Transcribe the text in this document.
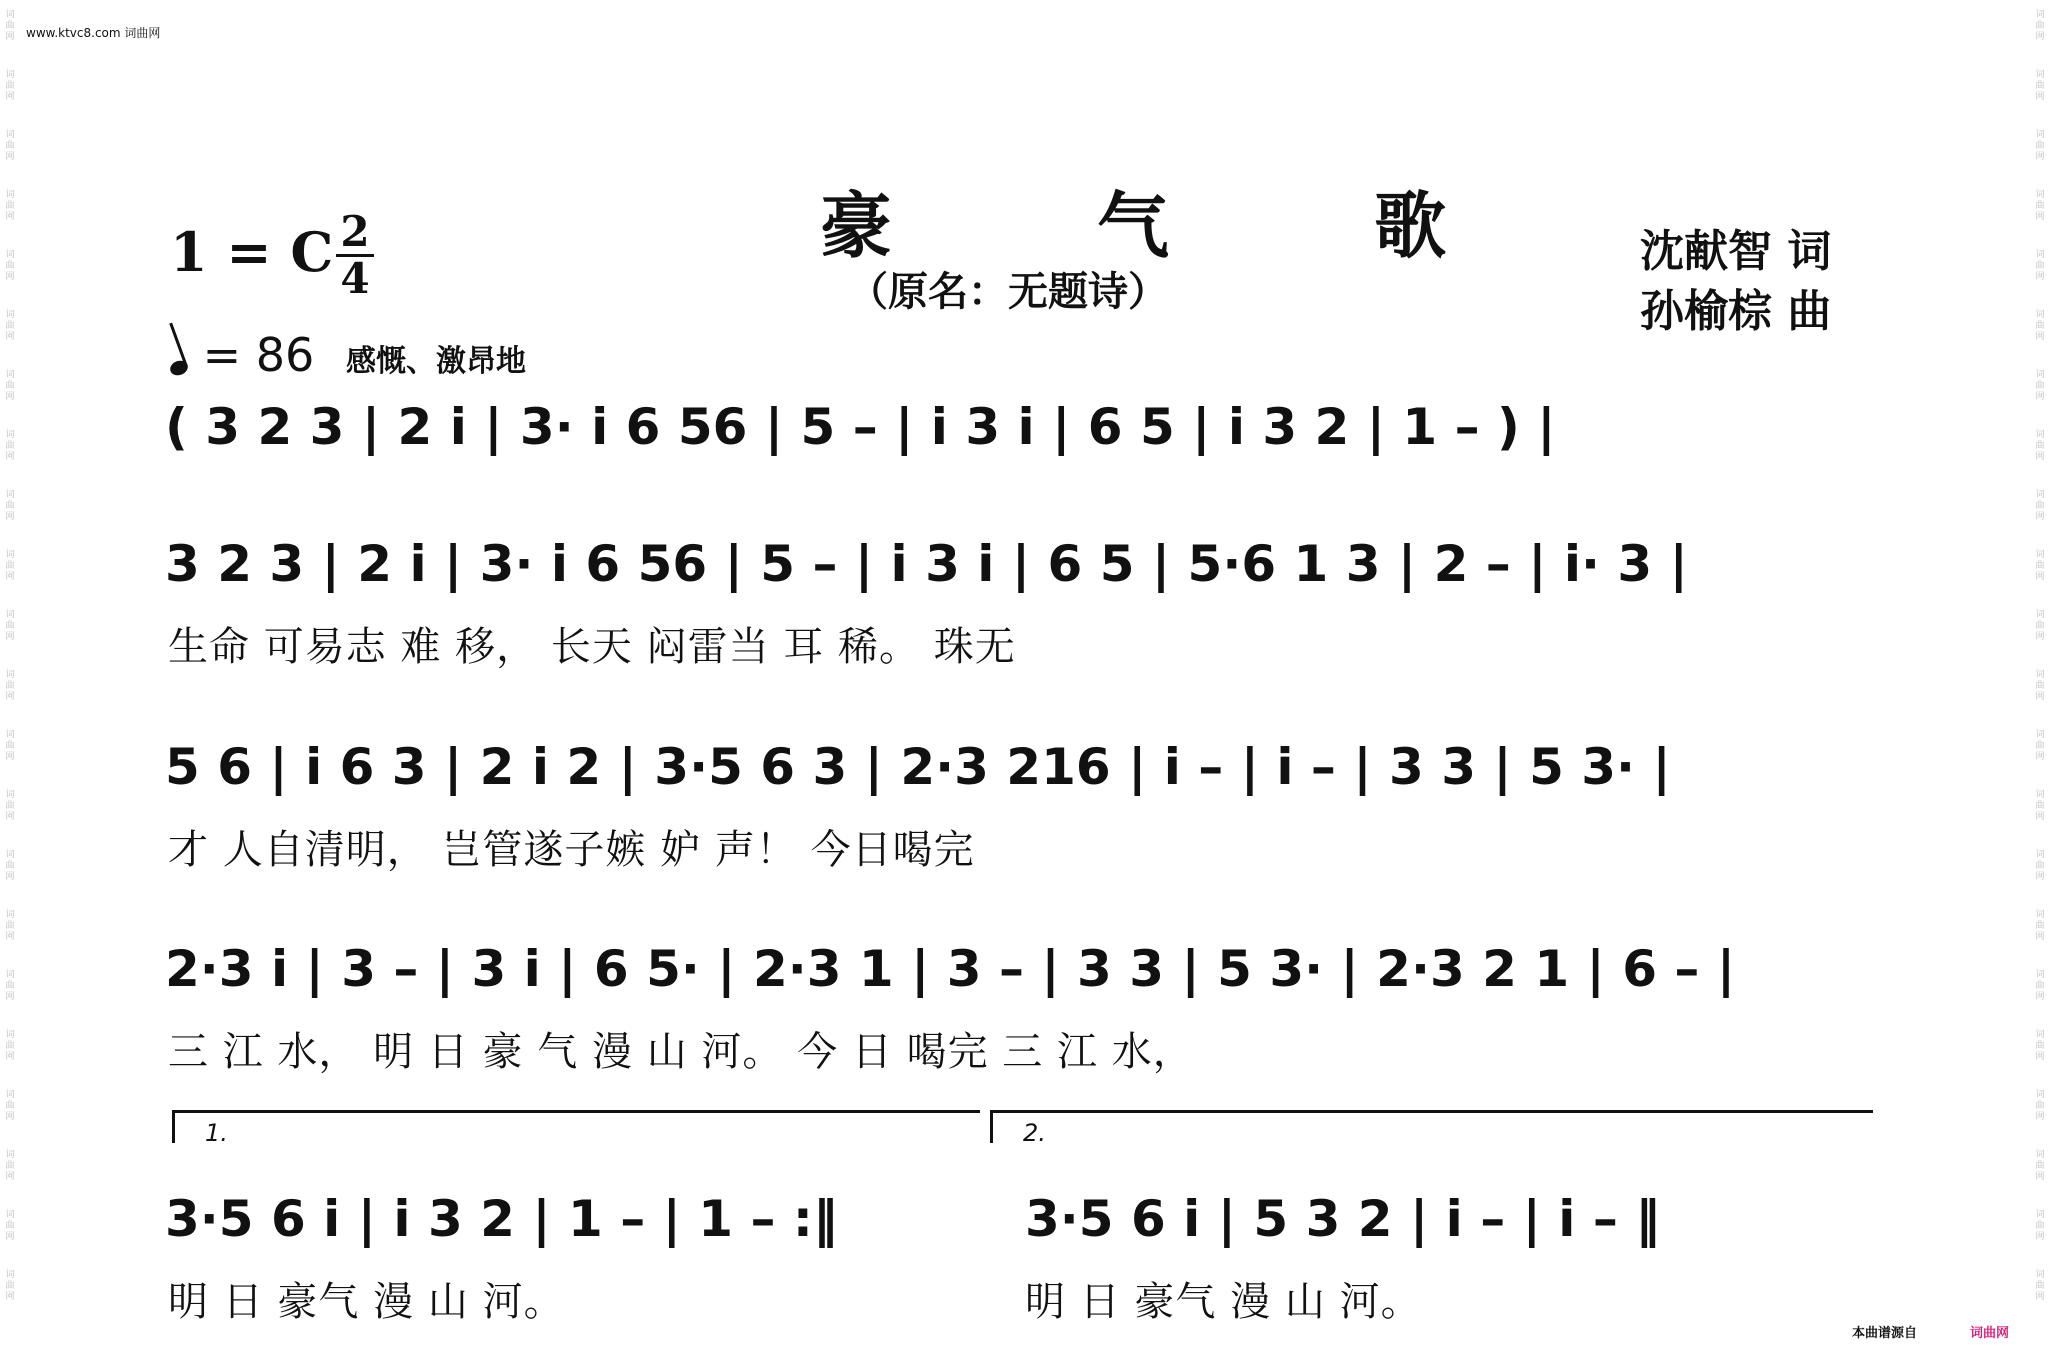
www.ktvc8.com 词曲网
词曲网
词曲网
词曲网
词曲网
词曲网
词曲网
词曲网
词曲网
词曲网
词曲网
词曲网
词曲网
词曲网
词曲网
词曲网
词曲网
词曲网
词曲网
词曲网
词曲网
词曲网
词曲网
词曲网
词曲网
词曲网
词曲网
词曲网
词曲网
词曲网
词曲网
词曲网
词曲网
词曲网
词曲网
词曲网
词曲网
词曲网
词曲网
词曲网
词曲网
词曲网
词曲网
词曲网
词曲网
豪 气 歌
（原名：无题诗）
1 = C 2
4
= 86 感慨、激昂地
沈献智 词
孙榆棕 曲
( 3 2 3 | 2 i | 3· i 6 56 | 5 – | i 3 i | 6 5 | i 3 2 | 1 – ) |
3 2 3 | 2 i | 3· i 6 56 | 5 – | i 3 i | 6 5 | 5·6 1 3 | 2 – | i· 3 |
生命 可易志 难 移， 长天 闷雷当 耳 稀。 珠无
5 6 | i 6 3 | 2 i 2 | 3·5 6 3 | 2·3 216 | i – | i – | 3 3 | 5 3· |
才 人自清明， 岂管遂子嫉 妒 声！ 今日喝完
2·3 i | 3 – | 3 i | 6 5· | 2·3 1 | 3 – | 3 3 | 5 3· | 2·3 2 1 | 6 – |
三 江 水， 明 日 豪 气 漫 山 河。 今 日 喝完 三 江 水，
1.	2.
3·5 6 i | i 3 2 | 1 – | 1 – :‖
明 日 豪气 漫 山 河。
3·5 6 i | 5 3 2 | i – | i – ‖
明 日 豪气 漫 山 河。
本曲谱源自	词曲网
